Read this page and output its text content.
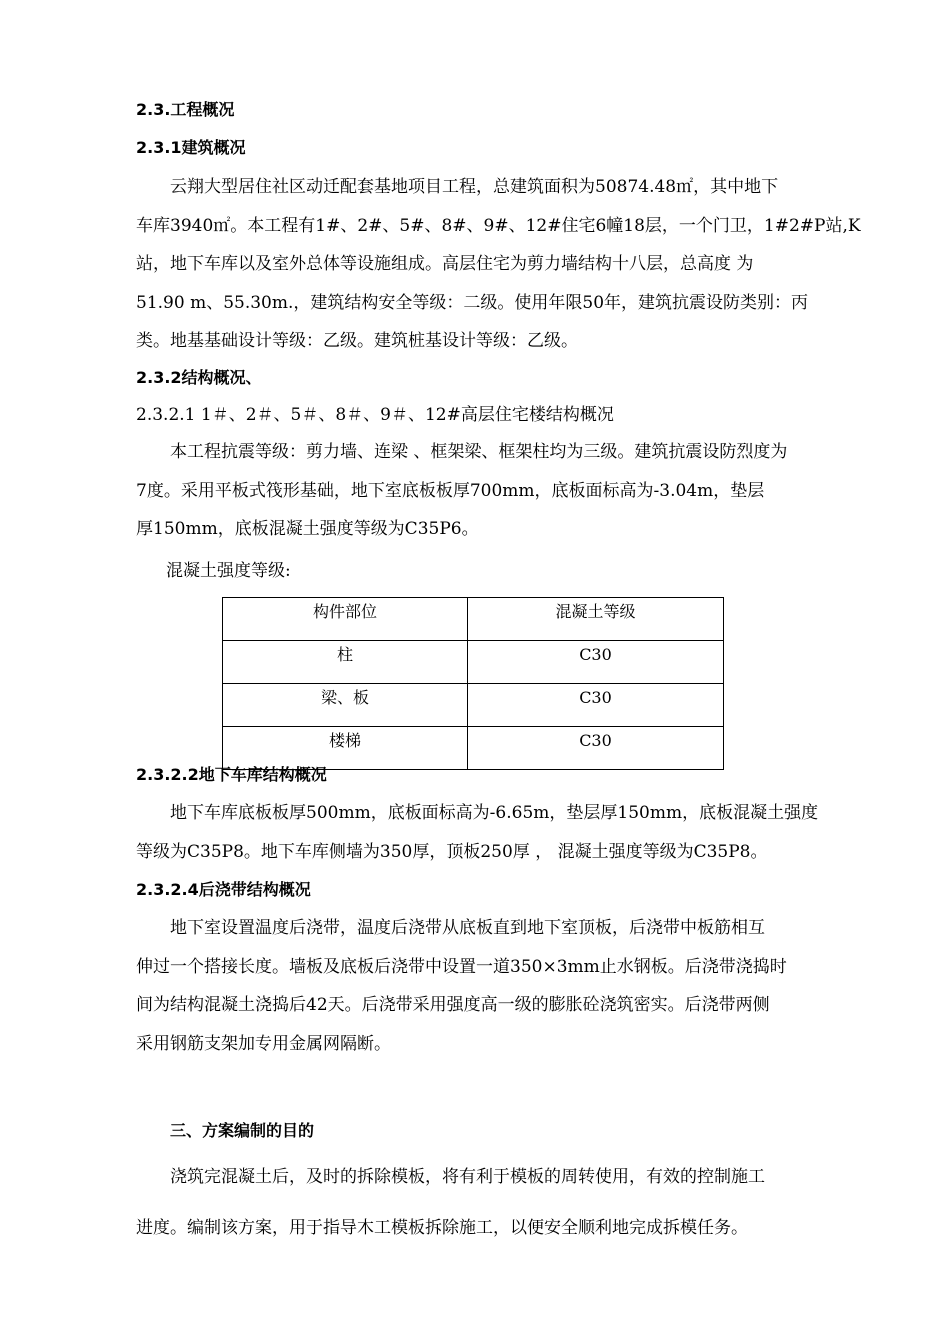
2.3.工程概况
2.3.1建筑概况
云翔大型居住社区动迁配套基地项目工程，总建筑面积为50874.48㎡，其中地下
车库3940㎡。本工程有1#、2#、5#、8#、9#、12#住宅6幢18层，一个门卫，1#2#P站,K
站，地下车库以及室外总体等设施组成。高层住宅为剪力墙结构十八层，总高度 为
51.90 m、55.30m.，建筑结构安全等级：二级。使用年限50年，建筑抗震设防类别：丙
类。地基基础设计等级：乙级。建筑桩基设计等级：乙级。
2.3.2结构概况、
2.3.2.1 1＃、2＃、5＃、8＃、9＃、12#高层住宅楼结构概况
本工程抗震等级：剪力墙、连梁 、框架梁、框架柱均为三级。建筑抗震设防烈度为
7度。采用平板式筏形基础，地下室底板板厚700mm，底板面标高为-3.04m，垫层
厚150mm，底板混凝土强度等级为C35P6。
混凝土强度等级:
构件部位	混凝土等级
柱	C30
梁、板	C30
楼梯	C30
2.3.2.2地下车库结构概况
地下车库底板板厚500mm，底板面标高为-6.65m，垫层厚150mm，底板混凝土强度
等级为C35P8。地下车库侧墙为350厚，顶板250厚 ， 混凝土强度等级为C35P8。
2.3.2.4后浇带结构概况
地下室设置温度后浇带，温度后浇带从底板直到地下室顶板，后浇带中板筋相互
伸过一个搭接长度。墙板及底板后浇带中设置一道350×3mm止水钢板。后浇带浇捣时
间为结构混凝土浇捣后42天。后浇带采用强度高一级的膨胀砼浇筑密实。后浇带两侧
采用钢筋支架加专用金属网隔断。
三、方案编制的目的
浇筑完混凝土后，及时的拆除模板，将有利于模板的周转使用，有效的控制施工
进度。编制该方案，用于指导木工模板拆除施工，以便安全顺利地完成拆模任务。
